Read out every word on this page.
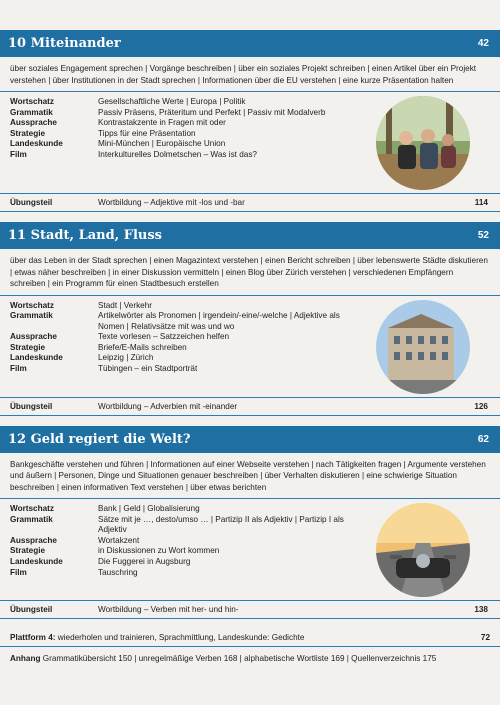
10 Miteinander	42
über soziales Engagement sprechen | Vorgänge beschreiben | über ein soziales Projekt schreiben | einen Artikel über ein Projekt verstehen | über Institutionen in der Stadt sprechen | Informationen über die EU verstehen | eine kurze Präsentation halten
Wortschatz	Gesellschaftliche Werte | Europa | Politik
Grammatik	Passiv Präsens, Präteritum und Perfekt | Passiv mit Modalverb
Aussprache	Kontrastakzente in Fragen mit oder
Strategie	Tipps für eine Präsentation
Landeskunde	Mini-München | Europäische Union
Film	Interkulturelles Dolmetschen – Was ist das?
Übungsteil	Wortbildung – Adjektive mit -los und -bar	114
11 Stadt, Land, Fluss	52
über das Leben in der Stadt sprechen | einen Magazintext verstehen | einen Bericht schreiben | über lebenswerte Städte diskutieren | etwas näher beschreiben | in einer Diskussion vermitteln | einen Blog über Zürich verstehen | verschiedenen Empfängern schreiben | ein Programm für einen Stadtbesuch erstellen
Wortschatz	Stadt | Verkehr
Grammatik	Artikelwörter als Pronomen | irgendein/-eine/-welche | Adjektive als Nomen | Relativsätze mit was und wo
Aussprache	Texte vorlesen – Satzzeichen helfen
Strategie	Briefe/E-Mails schreiben
Landeskunde	Leipzig | Zürich
Film	Tübingen – ein Stadtporträt
Übungsteil	Wortbildung – Adverbien mit -einander	126
12 Geld regiert die Welt?	62
Bankgeschäfte verstehen und führen | Informationen auf einer Webseite verstehen | nach Tätigkeiten fragen | Argumente verstehen und äußern | Personen, Dinge und Situationen genauer beschreiben | über Verhalten diskutieren | eine schwierige Situation beschreiben | einen informativen Text verstehen | über etwas berichten
Wortschatz	Bank | Geld | Globalisierung
Grammatik	Sätze mit je …, desto/umso … | Partizip II als Adjektiv | Partizip I als Adjektiv
Aussprache	Wortakzent
Strategie	in Diskussionen zu Wort kommen
Landeskunde	Die Fuggerei in Augsburg
Film	Tauschring
Übungsteil	Wortbildung – Verben mit her- und hin-	138
Plattform 4: wiederholen und trainieren, Sprachmittlung, Landeskunde: Gedichte	72
Anhang Grammatikübersicht 150 | unregelmäßige Verben 168 | alphabetische Wortliste 169 | Quellenverzeichnis 175
